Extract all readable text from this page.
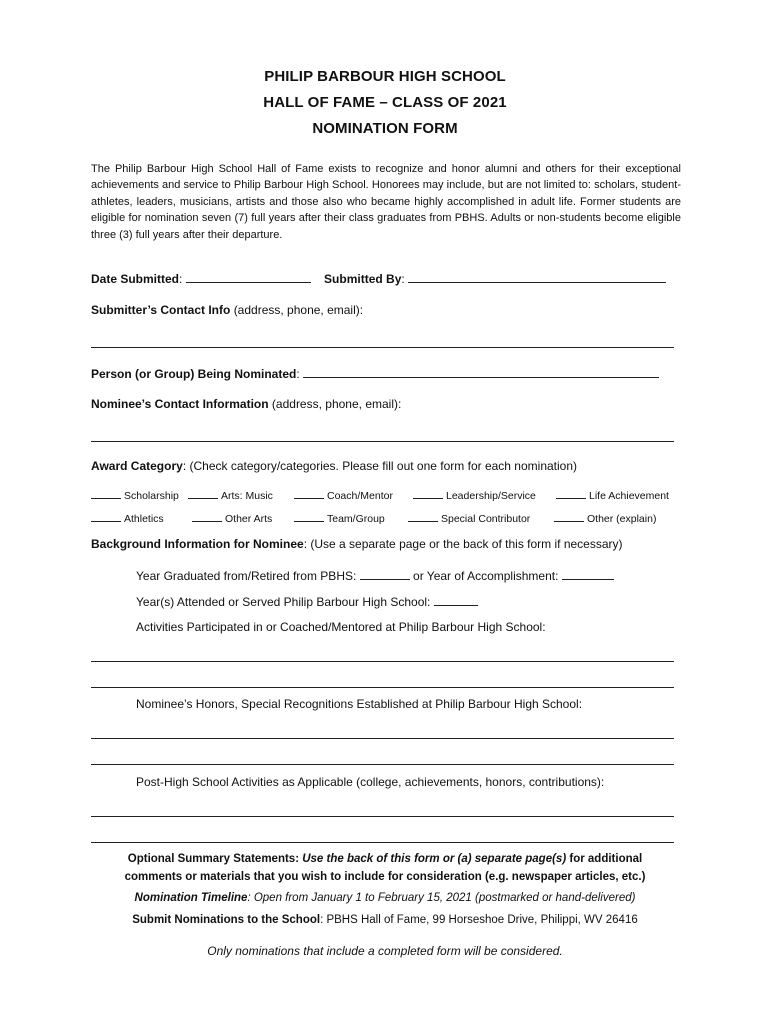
PHILIP BARBOUR HIGH SCHOOL
HALL OF FAME – CLASS OF 2021
NOMINATION FORM
The Philip Barbour High School Hall of Fame exists to recognize and honor alumni and others for their exceptional achievements and service to Philip Barbour High School. Honorees may include, but are not limited to: scholars, student-athletes, leaders, musicians, artists and those also who became highly accomplished in adult life. Former students are eligible for nomination seven (7) full years after their class graduates from PBHS. Adults or non-students become eligible three (3) full years after their departure.
Date Submitted:	Submitted By:
Submitter’s Contact Info (address, phone, email):
Person (or Group) Being Nominated:
Nominee’s Contact Information (address, phone, email):
Award Category: (Check category/categories. Please fill out one form for each nomination)
Scholarship	Arts: Music	Coach/Mentor	Leadership/Service	Life Achievement
Athletics	Other Arts	Team/Group	Special Contributor	Other (explain)
Background Information for Nominee: (Use a separate page or the back of this form if necessary)
Year Graduated from/Retired from PBHS:	or Year of Accomplishment:
Year(s) Attended or Served Philip Barbour High School:
Activities Participated in or Coached/Mentored at Philip Barbour High School:
Nominee’s Honors, Special Recognitions Established at Philip Barbour High School:
Post-High School Activities as Applicable (college, achievements, honors, contributions):
Optional Summary Statements: Use the back of this form or (a) separate page(s) for additional
comments or materials that you wish to include for consideration (e.g. newspaper articles, etc.)
Nomination Timeline: Open from January 1 to February 15, 2021 (postmarked or hand-delivered)
Submit Nominations to the School: PBHS Hall of Fame, 99 Horseshoe Drive, Philippi, WV 26416
Only nominations that include a completed form will be considered.
